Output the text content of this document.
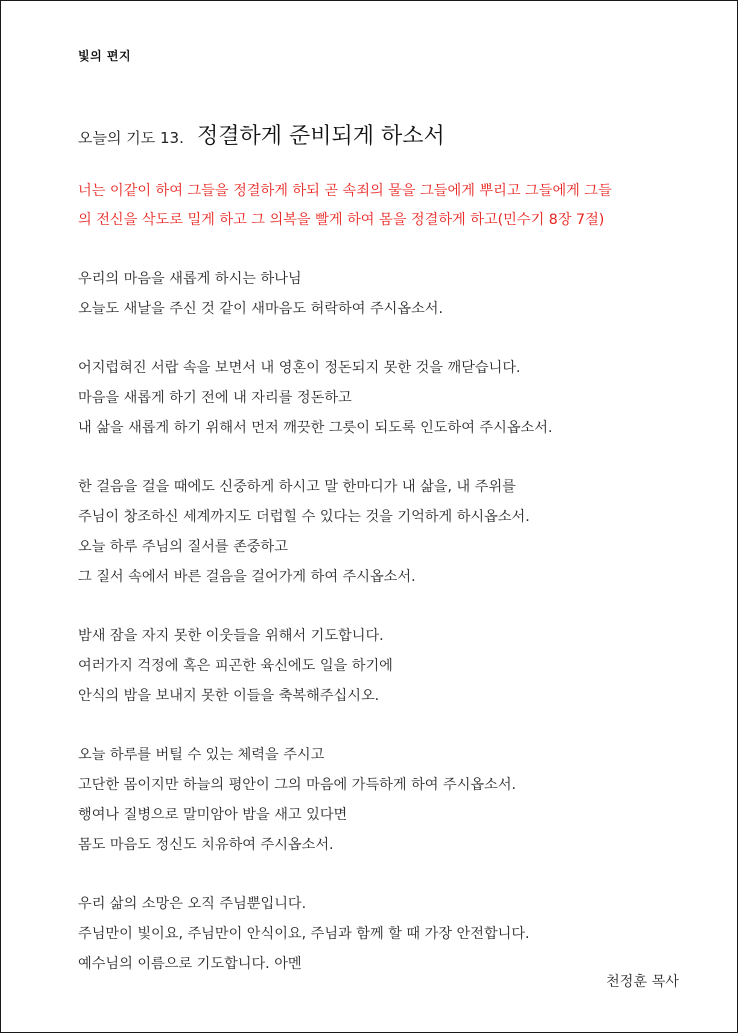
빛의 편지
오늘의 기도 13. 정결하게 준비되게 하소서
너는 이같이 하여 그들을 정결하게 하되 곧 속죄의 물을 그들에게 뿌리고 그들에게 그들
의 전신을 삭도로 밀게 하고 그 의복을 빨게 하여 몸을 정결하게 하고(민수기 8장 7절)
우리의 마음을 새롭게 하시는 하나님
오늘도 새날을 주신 것 같이 새마음도 허락하여 주시옵소서.
어지럽혀진 서랍 속을 보면서 내 영혼이 정돈되지 못한 것을 깨닫습니다.
마음을 새롭게 하기 전에 내 자리를 정돈하고
내 삶을 새롭게 하기 위해서 먼저 깨끗한 그릇이 되도록 인도하여 주시옵소서.
한 걸음을 걸을 때에도 신중하게 하시고 말 한마디가 내 삶을, 내 주위를
주님이 창조하신 세계까지도 더럽힐 수 있다는 것을 기억하게 하시옵소서.
오늘 하루 주님의 질서를 존중하고
그 질서 속에서 바른 걸음을 걸어가게 하여 주시옵소서.
밤새 잠을 자지 못한 이웃들을 위해서 기도합니다.
여러가지 걱정에 혹은 피곤한 육신에도 일을 하기에
안식의 밤을 보내지 못한 이들을 축복해주십시오.
오늘 하루를 버틸 수 있는 체력을 주시고
고단한 몸이지만 하늘의 평안이 그의 마음에 가득하게 하여 주시옵소서.
행여나 질병으로 말미암아 밤을 새고 있다면
몸도 마음도 정신도 치유하여 주시옵소서.
우리 삶의 소망은 오직 주님뿐입니다.
주님만이 빛이요, 주님만이 안식이요, 주님과 함께 할 때 가장 안전합니다.
예수님의 이름으로 기도합니다. 아멘
천정훈 목사
